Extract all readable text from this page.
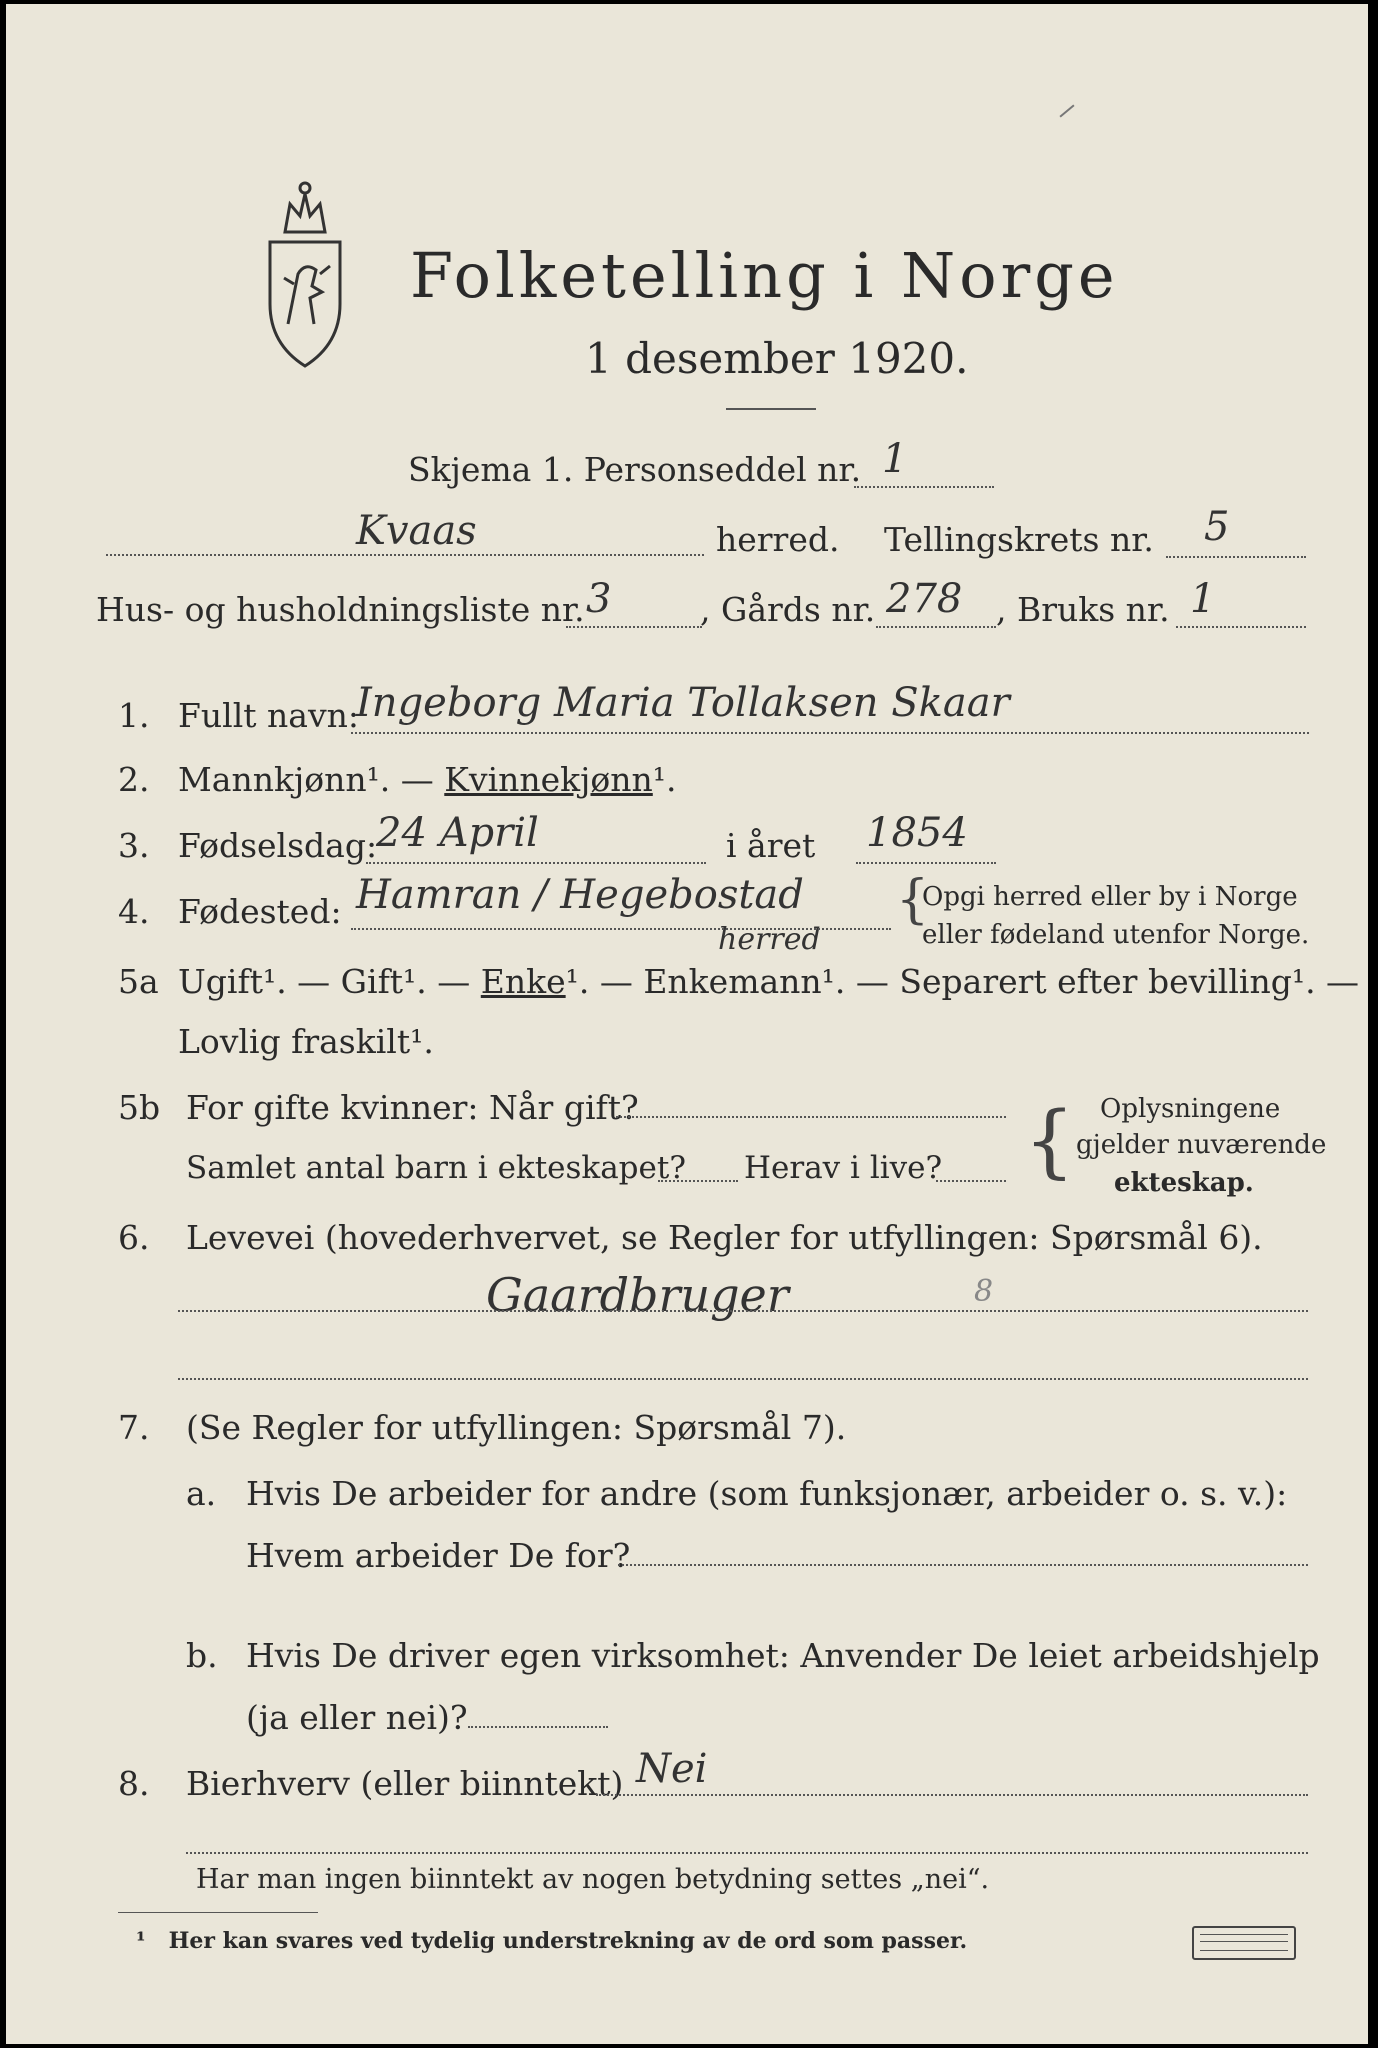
Folketelling i Norge
1 desember 1920.
Skjema 1. Personseddel nr. 1
Kvaas	herred. Tellingskrets nr. 5
Hus- og husholdningsliste nr. 3	, Gårds nr. 278 , Bruks nr. 1
1. Fullt navn:
Ingeborg Maria Tollaksen Skaar
2. Mannkjønn¹. — Kvinnekjønn¹.
3. Fødselsdag:
24 April	i året 1854
4. Fødested: Hamran / Hegebostad
herred
{
Opgi herred eller by i Norge
eller fødeland utenfor Norge.
5a Ugift¹. — Gift¹. — Enke¹. — Enkemann¹. — Separert efter bevilling¹. —
Lovlig fraskilt¹.
5b For gifte kvinner: Når gift?
Samlet antal barn i ekteskapet? Herav i live? { Oplysningene
gjelder nuværende
ekteskap.
6. Levevei (hovederhvervet, se Regler for utfyllingen: Spørsmål 6).
Gaardbruger	8
7. (Se Regler for utfyllingen: Spørsmål 7).
a. Hvis De arbeider for andre (som funksjonær, arbeider o. s. v.):
Hvem arbeider De for?
b. Hvis De driver egen virksomhet: Anvender De leiet arbeidshjelp
(ja eller nei)?
8. Bierhverv (eller biinntekt) Nei
Har man ingen biinntekt av nogen betydning settes „nei“.
¹ Her kan svares ved tydelig understrekning av de ord som passer.
